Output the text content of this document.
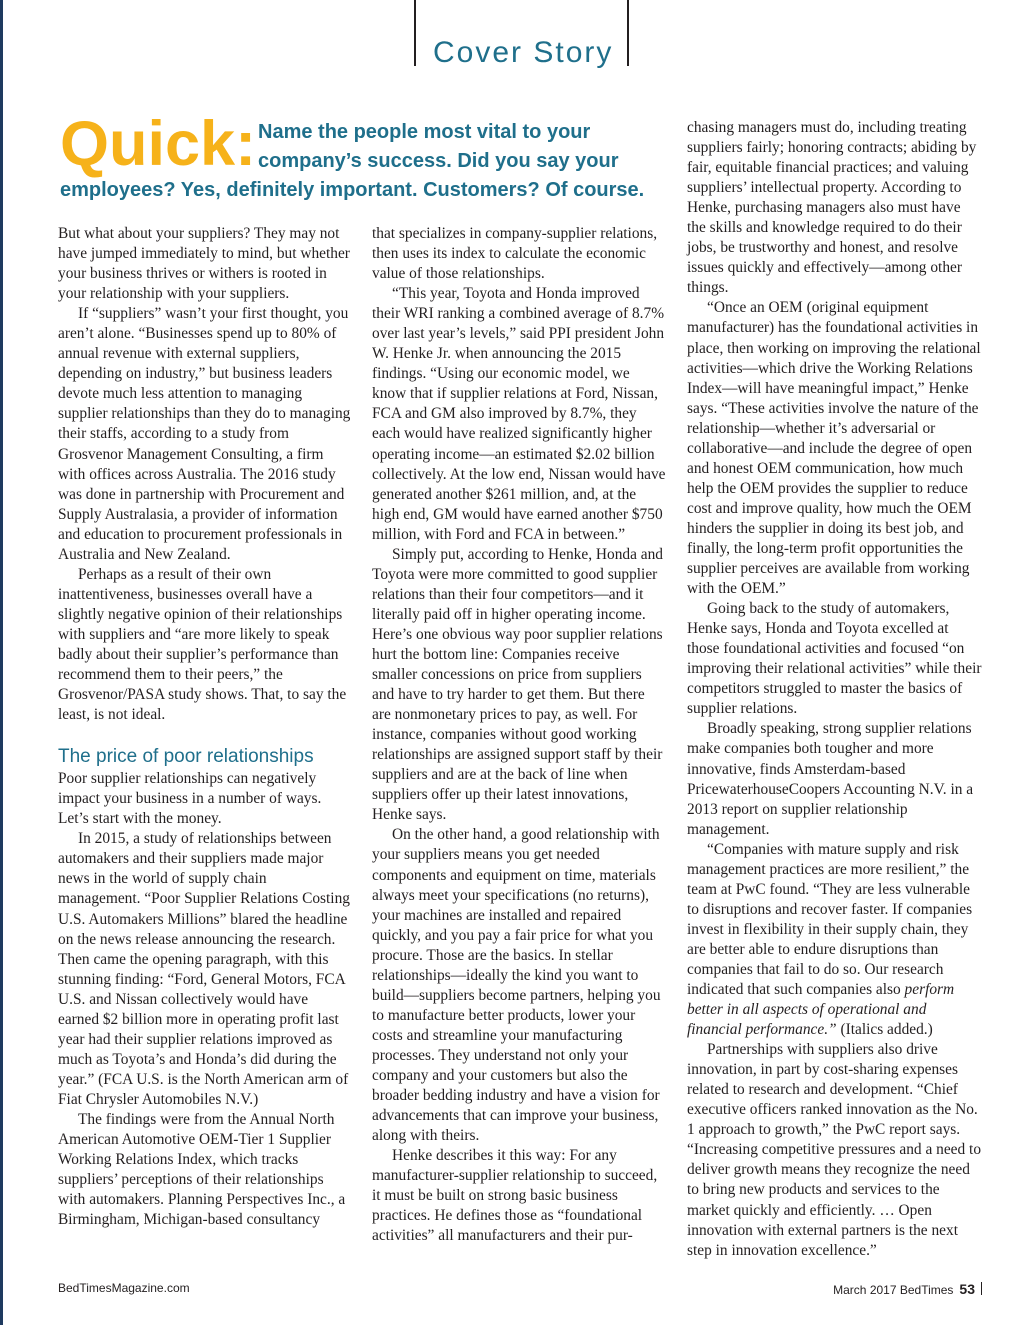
Cover Story
Quick: Name the people most vital to your
company’s success. Did you say your
employees? Yes, definitely important. Customers? Of course.

But what about your suppliers? They may not have jumped immediately to mind, but whether your business thrives or withers is rooted in your relationship with your suppliers.

If “suppliers” wasn’t your first thought, you aren’t alone. “Businesses spend up to 80% of annual revenue with external suppliers, depending on industry,” but business leaders devote much less attention to managing supplier relationships than they do to managing their staffs, according to a study from Grosvenor Management Consulting, a firm with offices across Australia. The 2016 study was done in partnership with Procurement and Supply Australasia, a provider of information and education to procurement professionals in Australia and New Zealand.

Perhaps as a result of their own inattentiveness, businesses overall have a slightly negative opinion of their relationships with suppliers and “are more likely to speak badly about their supplier’s performance than recommend them to their peers,” the Grosvenor/PASA study shows. That, to say the least, is not ideal.

The price of poor relationships

Poor supplier relationships can negatively impact your business in a number of ways. Let’s start with the money.

In 2015, a study of relationships between automakers and their suppliers made major news in the world of supply chain management. “Poor Supplier Relations Costing U.S. Automakers Millions” blared the headline on the news release announcing the research. Then came the opening paragraph, with this stunning finding: “Ford, General Motors, FCA U.S. and Nissan collectively would have earned $2 billion more in operating profit last year had their supplier relations improved as much as Toyota’s and Honda’s did during the year.” (FCA U.S. is the North American arm of Fiat Chrysler Automobiles N.V.)

The findings were from the Annual North American Automotive OEM-Tier 1 Supplier Working Relations Index, which tracks suppliers’ perceptions of their relationships with automakers. Planning Perspectives Inc., a Birmingham, Michigan-based consultancy

that specializes in company-supplier relations, then uses its index to calculate the economic value of those relationships.

“This year, Toyota and Honda improved their WRI ranking a combined average of 8.7% over last year’s levels,” said PPI president John W. Henke Jr. when announcing the 2015 findings. “Using our economic model, we know that if supplier relations at Ford, Nissan, FCA and GM also improved by 8.7%, they each would have realized significantly higher operating income—an estimated $2.02 billion collectively. At the low end, Nissan would have generated another $261 million, and, at the high end, GM would have earned another $750 million, with Ford and FCA in between.”

Simply put, according to Henke, Honda and Toyota were more committed to good supplier relations than their four competitors—and it literally paid off in higher operating income. Here’s one obvious way poor supplier relations hurt the bottom line: Companies receive smaller concessions on price from suppliers and have to try harder to get them. But there are nonmonetary prices to pay, as well. For instance, companies without good working relationships are assigned support staff by their suppliers and are at the back of line when suppliers offer up their latest innovations, Henke says.

On the other hand, a good relationship with your suppliers means you get needed components and equipment on time, materials always meet your specifications (no returns), your machines are installed and repaired quickly, and you pay a fair price for what you procure. Those are the basics. In stellar relationships—ideally the kind you want to build—suppliers become partners, helping you to manufacture better products, lower your costs and streamline your manufacturing processes. They understand not only your company and your customers but also the broader bedding industry and have a vision for advancements that can improve your business, along with theirs.

Henke describes it this way: For any manufacturer-supplier relationship to succeed, it must be built on strong basic business practices. He defines those as “foundational activities” all manufacturers and their pur-

chasing managers must do, including treating suppliers fairly; honoring contracts; abiding by fair, equitable financial practices; and valuing suppliers’ intellectual property. According to Henke, purchasing managers also must have the skills and knowledge required to do their jobs, be trustworthy and honest, and resolve issues quickly and effectively—among other things.

“Once an OEM (original equipment manufacturer) has the foundational activities in place, then working on improving the relational activities—which drive the Working Relations Index—will have meaningful impact,” Henke says. “These activities involve the nature of the relationship—whether it’s adversarial or collaborative—and include the degree of open and honest OEM communication, how much help the OEM provides the supplier to reduce cost and improve quality, how much the OEM hinders the supplier in doing its best job, and finally, the long-term profit opportunities the supplier perceives are available from working with the OEM.”

Going back to the study of automakers, Henke says, Honda and Toyota excelled at those foundational activities and focused “on improving their relational activities” while their competitors struggled to master the basics of supplier relations.

Broadly speaking, strong supplier relations make companies both tougher and more innovative, finds Amsterdam-based PricewaterhouseCoopers Accounting N.V. in a 2013 report on supplier relationship management.

“Companies with mature supply and risk management practices are more resilient,” the team at PwC found. “They are less vulnerable to disruptions and recover faster. If companies invest in flexibility in their supply chain, they are better able to endure disruptions than companies that fail to do so. Our research indicated that such companies also perform better in all aspects of operational and financial performance.” (Italics added.)

Partnerships with suppliers also drive innovation, in part by cost-sharing expenses related to research and development. “Chief executive officers ranked innovation as the No. 1 approach to growth,” the PwC report says. “Increasing competitive pressures and a need to deliver growth means they recognize the need to bring new products and services to the market quickly and efficiently. … Open innovation with external partners is the next step in innovation excellence.”

BedTimesMagazine.com	March 2017 BedTimes 53
